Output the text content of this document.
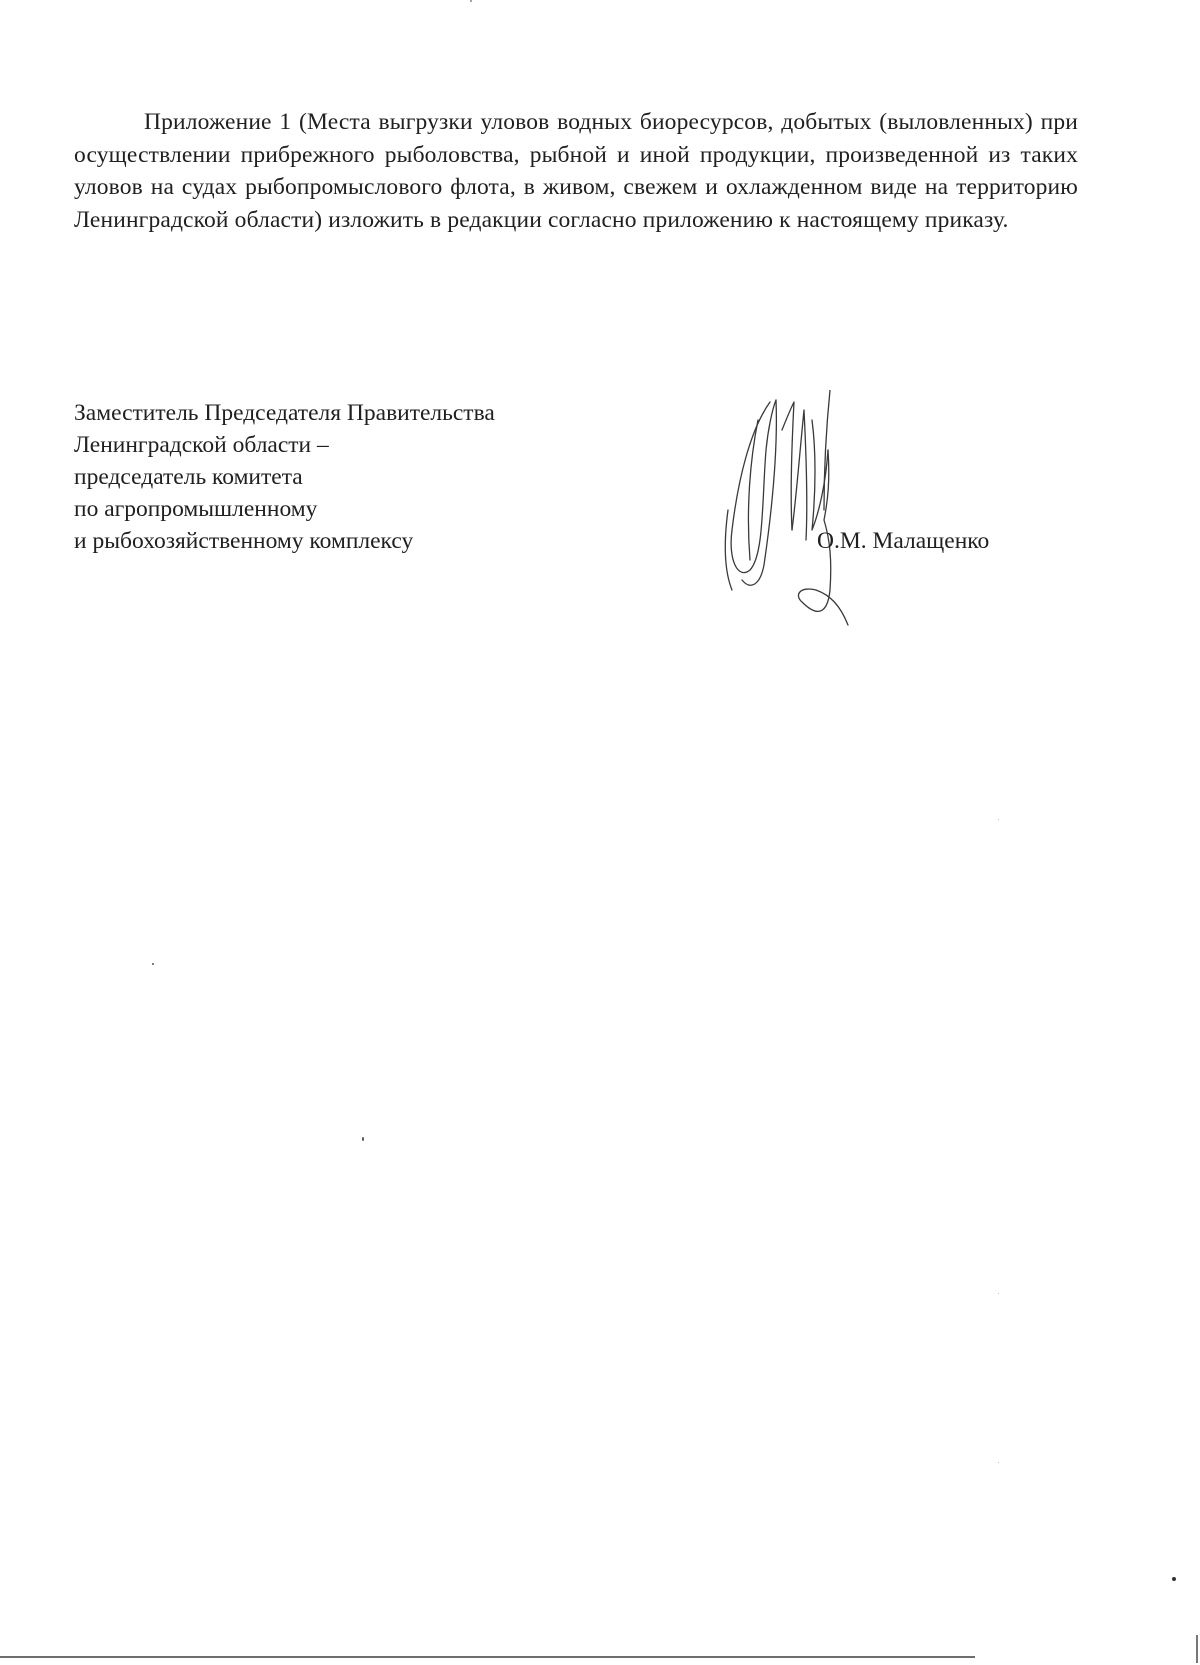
Приложение 1 (Места выгрузки уловов водных биоресурсов, добытых (выловленных) при осуществлении прибрежного рыболовства, рыбной и иной продукции, произведенной из таких уловов на судах рыбопромыслового флота, в живом, свежем и охлажденном виде на территорию Ленинградской области) изложить в редакции согласно приложению к настоящему приказу.

Заместитель Председателя Правительства
Ленинградской области –
председатель комитета
по агропромышленному
и рыбохозяйственному комплексу	О.М. Малащенко
